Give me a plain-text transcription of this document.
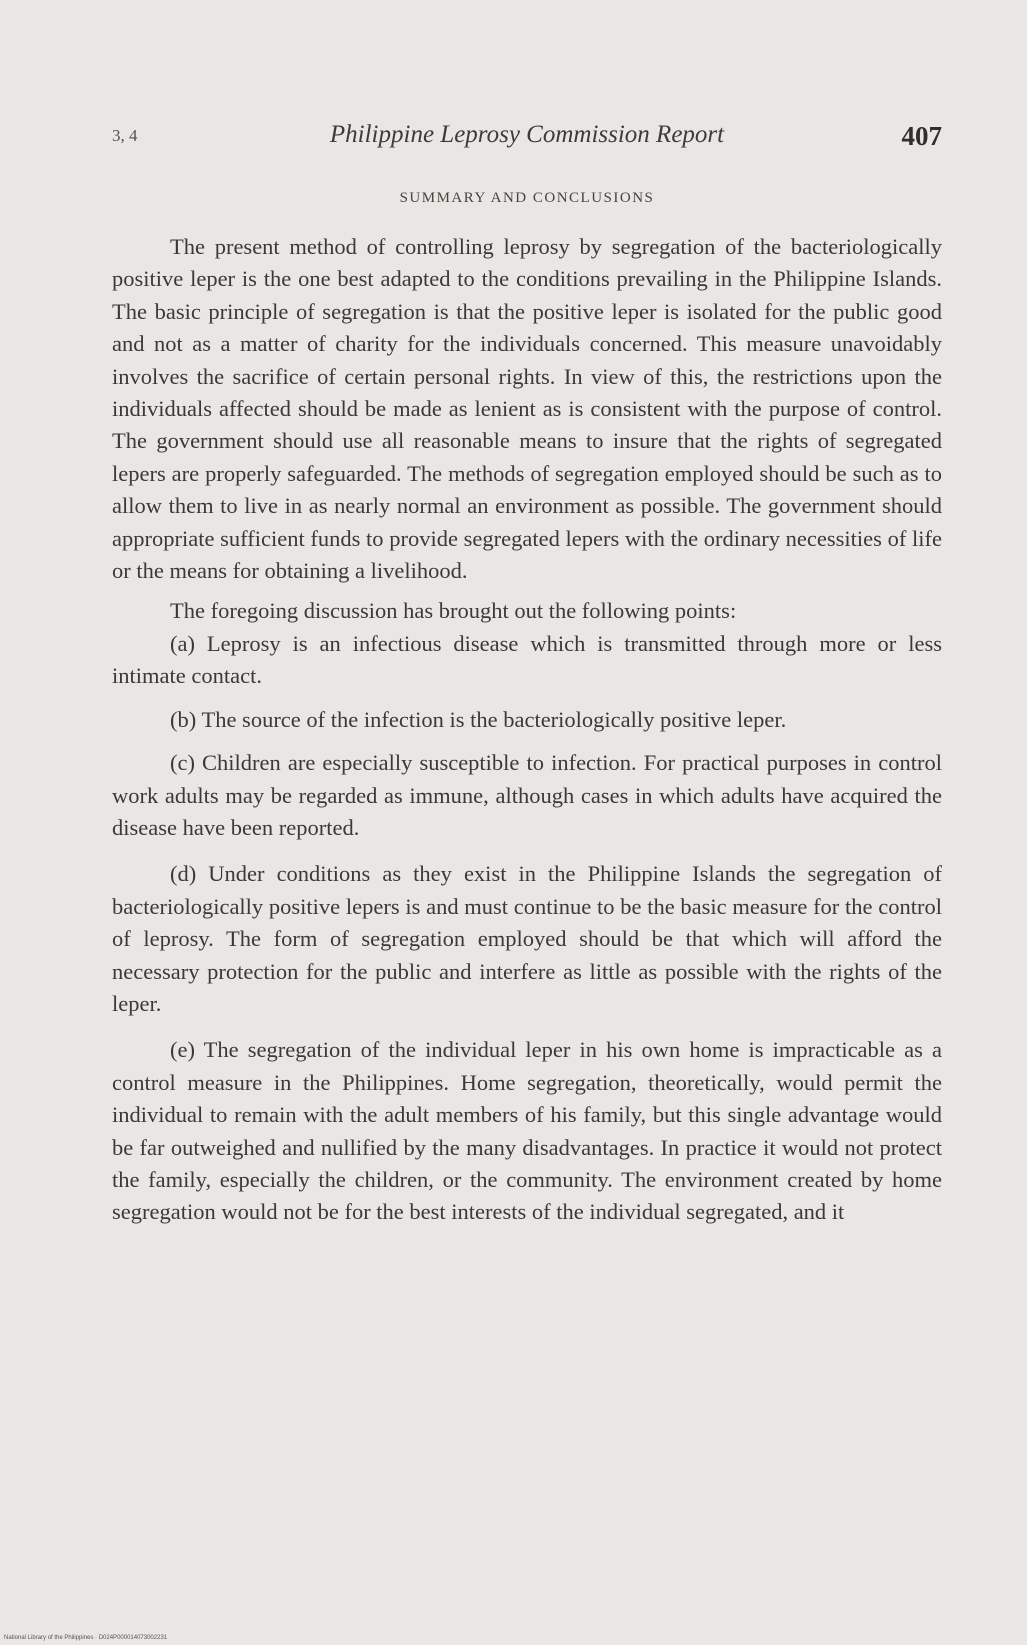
3, 4	Philippine Leprosy Commission Report	407
SUMMARY AND CONCLUSIONS

The present method of controlling leprosy by segregation of the bacteriologically positive leper is the one best adapted to the conditions prevailing in the Philippine Islands. The basic principle of segregation is that the positive leper is isolated for the public good and not as a matter of charity for the individuals concerned. This measure unavoidably involves the sacrifice of certain personal rights. In view of this, the restrictions upon the individuals affected should be made as lenient as is consistent with the purpose of control. The government should use all reasonable means to insure that the rights of segregated lepers are properly safeguarded. The methods of segregation employed should be such as to allow them to live in as nearly normal an environment as possible. The government should appropriate sufficient funds to provide segregated lepers with the ordinary necessities of life or the means for obtaining a livelihood.

The foregoing discussion has brought out the following points:

(a) Leprosy is an infectious disease which is transmitted through more or less intimate contact.

(b) The source of the infection is the bacteriologically positive leper.

(c) Children are especially susceptible to infection. For practical purposes in control work adults may be regarded as immune, although cases in which adults have acquired the disease have been reported.

(d) Under conditions as they exist in the Philippine Islands the segregation of bacteriologically positive lepers is and must continue to be the basic measure for the control of leprosy. The form of segregation employed should be that which will afford the necessary protection for the public and interfere as little as possible with the rights of the leper.

(e) The segregation of the individual leper in his own home is impracticable as a control measure in the Philippines. Home segregation, theoretically, would permit the individual to remain with the adult members of his family, but this single advantage would be far outweighed and nullified by the many disadvantages. In practice it would not protect the family, especially the children, or the community. The environment created by home segregation would not be for the best interests of the individual segregated, and it

National Library of the Philippines · D024P000014073002231
